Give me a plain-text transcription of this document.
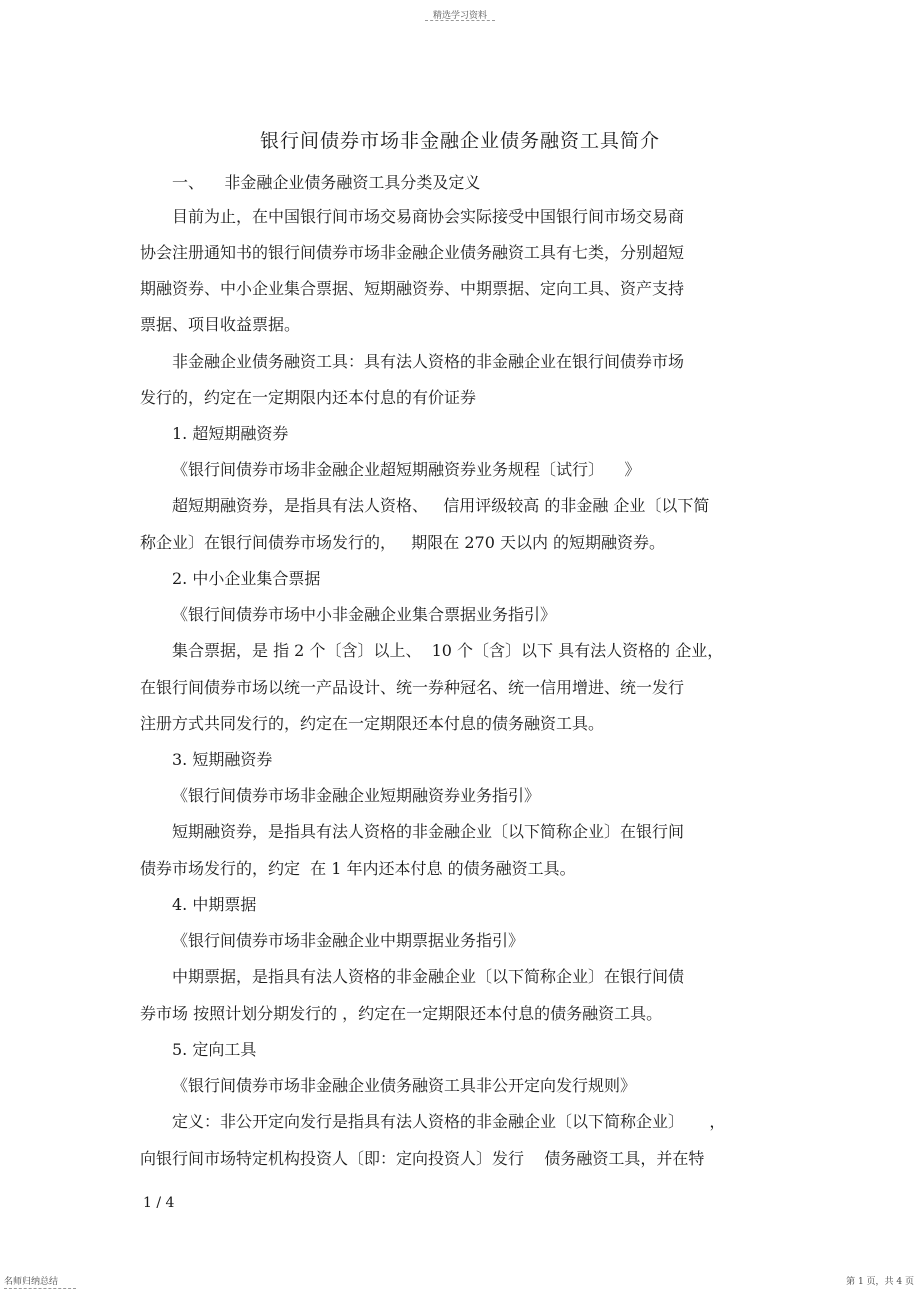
精选学习资料
银行间债券市场非金融企业债务融资工具简介
一、    非金融企业债务融资工具分类及定义
目前为止，在中国银行间市场交易商协会实际接受中国银行间市场交易商
协会注册通知书的银行间债券市场非金融企业债务融资工具有七类，分别超短
期融资券、中小企业集合票据、短期融资券、中期票据、定向工具、资产支持
票据、项目收益票据。
非金融企业债务融资工具：具有法人资格的非金融企业在银行间债券市场
发行的，约定在一定期限内还本付息的有价证券
1. 超短期融资券
《银行间债券市场非金融企业超短期融资券业务规程〔试行〕    》
超短期融资券，是指具有法人资格、   信用评级较高 的非金融 企业〔以下简
称企业〕在银行间债券市场发行的，   期限在 270 天以内 的短期融资券。
2. 中小企业集合票据
《银行间债券市场中小非金融企业集合票据业务指引》
集合票据，是 指 2 个〔含〕以上、  10 个〔含〕以下 具有法人资格的 企业，
在银行间债券市场以统一产品设计、统一券种冠名、统一信用增进、统一发行
注册方式共同发行的，约定在一定期限还本付息的债务融资工具。
3. 短期融资券
《银行间债券市场非金融企业短期融资券业务指引》
短期融资券，是指具有法人资格的非金融企业〔以下简称企业〕在银行间
债券市场发行的，约定  在 1 年内还本付息 的债务融资工具。
4. 中期票据
《银行间债券市场非金融企业中期票据业务指引》
中期票据，是指具有法人资格的非金融企业〔以下简称企业〕在银行间债
券市场 按照计划分期发行的 ，约定在一定期限还本付息的债务融资工具。
5. 定向工具
《银行间债券市场非金融企业债务融资工具非公开定向发行规则》
定义：非公开定向发行是指具有法人资格的非金融企业〔以下简称企业〕     ，
向银行间市场特定机构投资人〔即：定向投资人〕发行    债务融资工具，并在特
1 / 4
名师归纳总结	第 1 页，共 4 页
